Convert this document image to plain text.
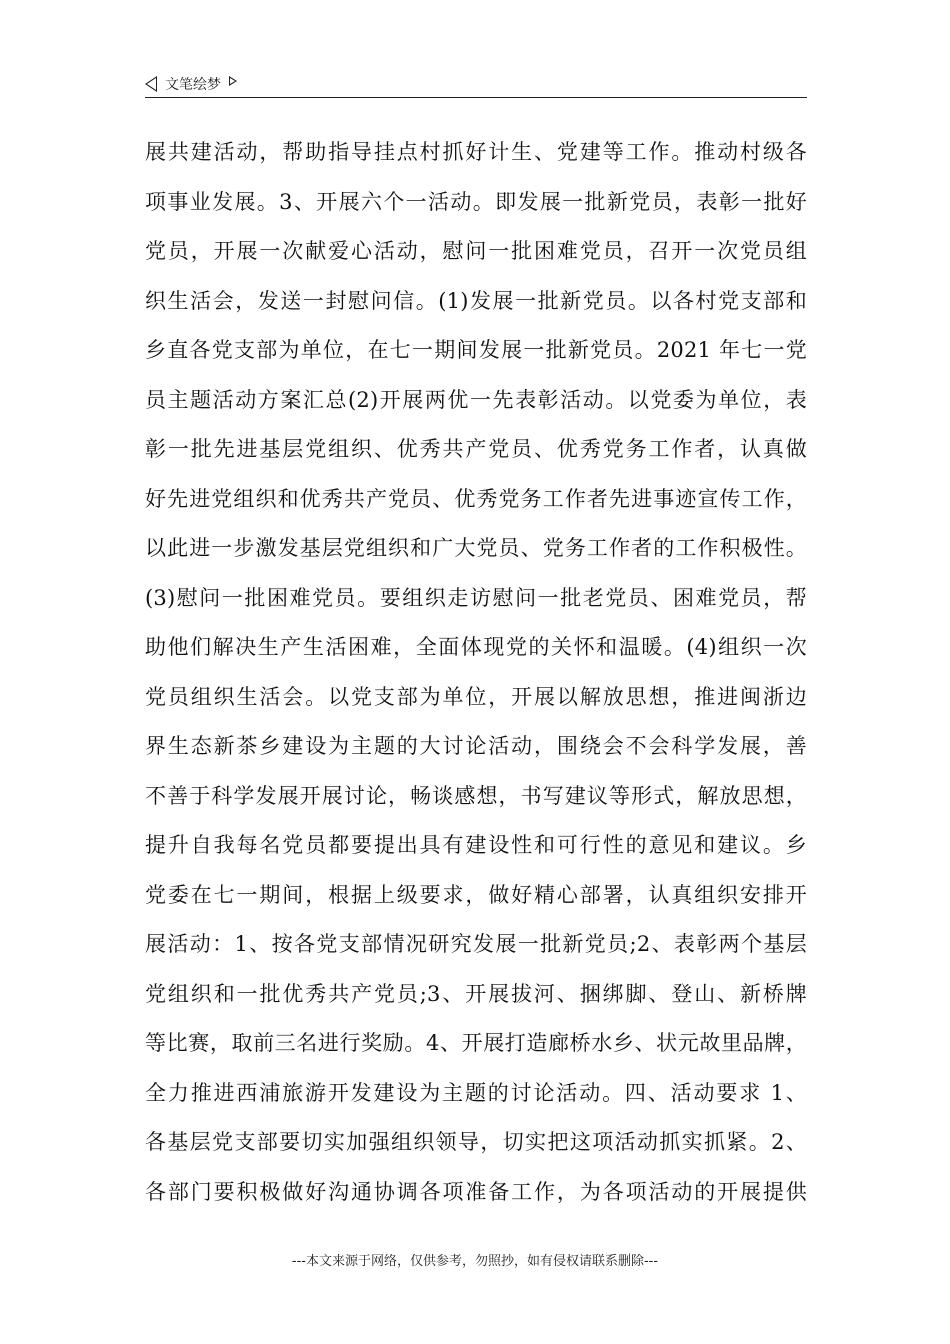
文笔绘梦
展共建活动，帮助指导挂点村抓好计生、党建等工作。推动村级各
项事业发展。3、开展六个一活动。即发展一批新党员，表彰一批好
党员，开展一次献爱心活动，慰问一批困难党员，召开一次党员组
织生活会，发送一封慰问信。(1)发展一批新党员。以各村党支部和
乡直各党支部为单位，在七一期间发展一批新党员。2021 年七一党
员主题活动方案汇总(2)开展两优一先表彰活动。以党委为单位，表
彰一批先进基层党组织、优秀共产党员、优秀党务工作者，认真做
好先进党组织和优秀共产党员、优秀党务工作者先进事迹宣传工作，
以此进一步激发基层党组织和广大党员、党务工作者的工作积极性。
(3)慰问一批困难党员。要组织走访慰问一批老党员、困难党员，帮
助他们解决生产生活困难，全面体现党的关怀和温暖。(4)组织一次
党员组织生活会。以党支部为单位，开展以解放思想，推进闽浙边
界生态新茶乡建设为主题的大讨论活动，围绕会不会科学发展，善
不善于科学发展开展讨论，畅谈感想，书写建议等形式，解放思想，
提升自我每名党员都要提出具有建设性和可行性的意见和建议。乡
党委在七一期间，根据上级要求，做好精心部署，认真组织安排开
展活动：1、按各党支部情况研究发展一批新党员;2、表彰两个基层
党组织和一批优秀共产党员;3、开展拔河、捆绑脚、登山、新桥牌
等比赛，取前三名进行奖励。4、开展打造廊桥水乡、状元故里品牌，
全力推进西浦旅游开发建设为主题的讨论活动。四、活动要求 1、
各基层党支部要切实加强组织领导，切实把这项活动抓实抓紧。2、
各部门要积极做好沟通协调各项准备工作，为各项活动的开展提供
---本文来源于网络，仅供参考，勿照抄，如有侵权请联系删除---
